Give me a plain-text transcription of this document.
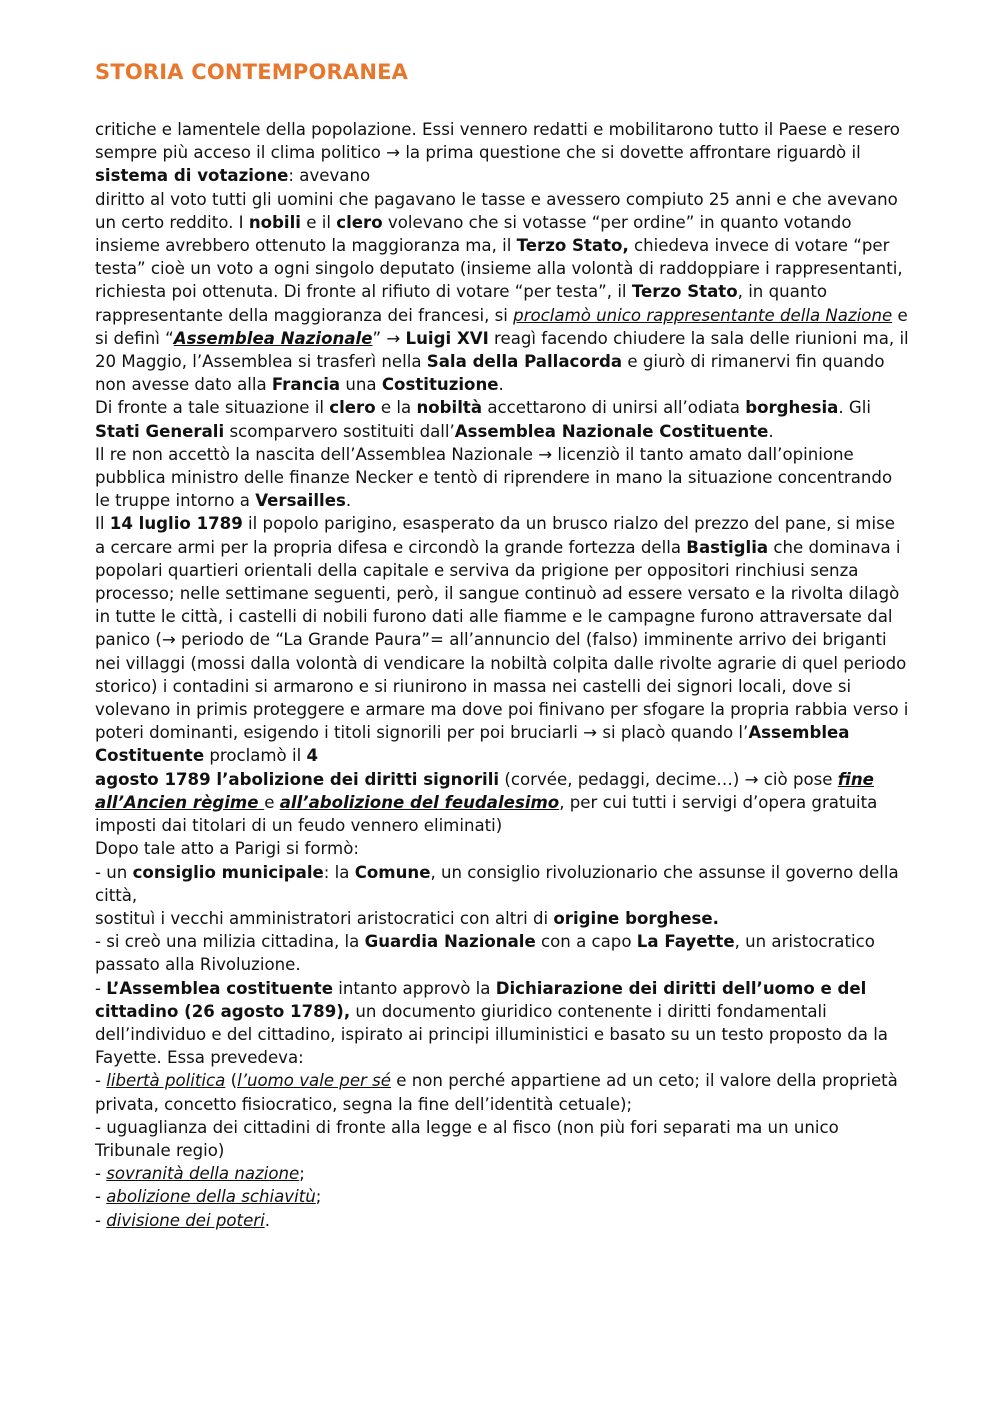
STORIA CONTEMPORANEA

critiche e lamentele della popolazione. Essi vennero redatti e mobilitarono tutto il Paese e resero sempre più acceso il clima politico → la prima questione che si dovette affrontare riguardò il sistema di votazione: avevano

diritto al voto tutti gli uomini che pagavano le tasse e avessero compiuto 25 anni e che avevano un certo reddito. I nobili e il clero volevano che si votasse “per ordine” in quanto votando insieme avrebbero ottenuto la maggioranza ma, il Terzo Stato, chiedeva invece di votare “per testa” cioè un voto a ogni singolo deputato (insieme alla volontà di raddoppiare i rappresentanti, richiesta poi ottenuta. Di fronte al rifiuto di votare “per testa”, il Terzo Stato, in quanto rappresentante della maggioranza dei francesi, si proclamò unico rappresentante della Nazione e si definì “Assemblea Nazionale” → Luigi XVI reagì facendo chiudere la sala delle riunioni ma, il 20 Maggio, l’Assemblea si trasferì nella Sala della Pallacorda e giurò di rimanervi fin quando non avesse dato alla Francia una Costituzione.

Di fronte a tale situazione il clero e la nobiltà accettarono di unirsi all’odiata borghesia. Gli Stati Generali scomparvero sostituiti dall’Assemblea Nazionale Costituente.

Il re non accettò la nascita dell’Assemblea Nazionale → licenziò il tanto amato dall’opinione pubblica ministro delle finanze Necker e tentò di riprendere in mano la situazione concentrando le truppe intorno a Versailles.

Il 14 luglio 1789 il popolo parigino, esasperato da un brusco rialzo del prezzo del pane, si mise a cercare armi per la propria difesa e circondò la grande fortezza della Bastiglia che dominava i popolari quartieri orientali della capitale e serviva da prigione per oppositori rinchiusi senza processo; nelle settimane seguenti, però, il sangue continuò ad essere versato e la rivolta dilagò in tutte le città, i castelli di nobili furono dati alle fiamme e le campagne furono attraversate dal panico (→ periodo de “La Grande Paura”= all’annuncio del (falso) imminente arrivo dei briganti nei villaggi (mossi dalla volontà di vendicare la nobiltà colpita dalle rivolte agrarie di quel periodo storico) i contadini si armarono e si riunirono in massa nei castelli dei signori locali, dove si volevano in primis proteggere e armare ma dove poi finivano per sfogare la propria rabbia verso i poteri dominanti, esigendo i titoli signorili per poi bruciarli → si placò quando l’Assemblea Costituente proclamò il 4

agosto 1789 l’abolizione dei diritti signorili (corvée, pedaggi, decime…) → ciò pose fine all’Ancien règime e all’abolizione del feudalesimo, per cui tutti i servigi d’opera gratuita imposti dai titolari di un feudo vennero eliminati)

Dopo tale atto a Parigi si formò:

- un consiglio municipale: la Comune, un consiglio rivoluzionario che assunse il governo della città,

sostituì i vecchi amministratori aristocratici con altri di origine borghese.

- si creò una milizia cittadina, la Guardia Nazionale con a capo La Fayette, un aristocratico passato alla Rivoluzione.

- L’Assemblea costituente intanto approvò la Dichiarazione dei diritti dell’uomo e del cittadino (26 agosto 1789), un documento giuridico contenente i diritti fondamentali dell’individuo e del cittadino, ispirato ai principi illuministici e basato su un testo proposto da la Fayette. Essa prevedeva:

- libertà politica (l’uomo vale per sé e non perché appartiene ad un ceto; il valore della proprietà privata, concetto fisiocratico, segna la fine dell’identità cetuale);

- uguaglianza dei cittadini di fronte alla legge e al fisco (non più fori separati ma un unico Tribunale regio)

- sovranità della nazione;

- abolizione della schiavitù;

- divisione dei poteri.
